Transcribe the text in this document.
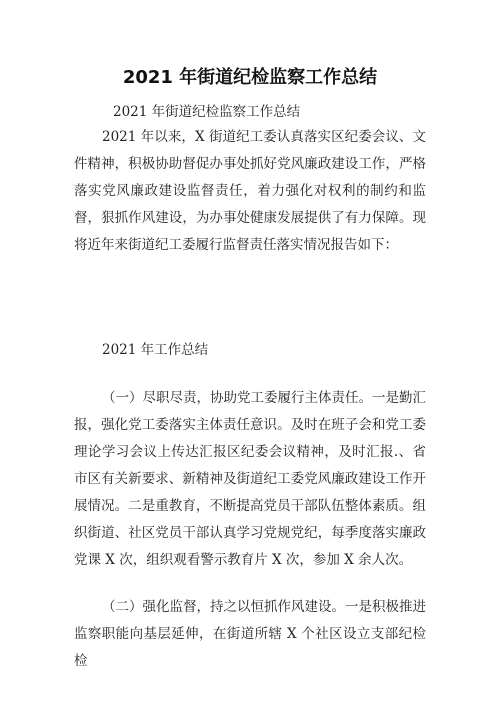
2021 年街道纪检监察工作总结
2021 年街道纪检监察工作总结

2021 年以来，X 街道纪工委认真落实区纪委会议、文件精神，积极协助督促办事处抓好党风廉政建设工作，严格落实党风廉政建设监督责任，着力强化对权利的制约和监督，狠抓作风建设，为办事处健康发展提供了有力保障。现将近年来街道纪工委履行监督责任落实情况报告如下：

2021 年工作总结

（一）尽职尽责，协助党工委履行主体责任。一是勤汇报，强化党工委落实主体责任意识。及时在班子会和党工委理论学习会议上传达汇报区纪委会议精神，及时汇报.、省市区有关新要求、新精神及街道纪工委党风廉政建设工作开展情况。二是重教育，不断提高党员干部队伍整体素质。组织街道、社区党员干部认真学习党规党纪，每季度落实廉政党课 X 次，组织观看警示教育片 X 次，参加 X 余人次。

（二）强化监督，持之以恒抓作风建设。一是积极推进监察职能向基层延伸，在街道所辖 X 个社区设立支部纪检检
